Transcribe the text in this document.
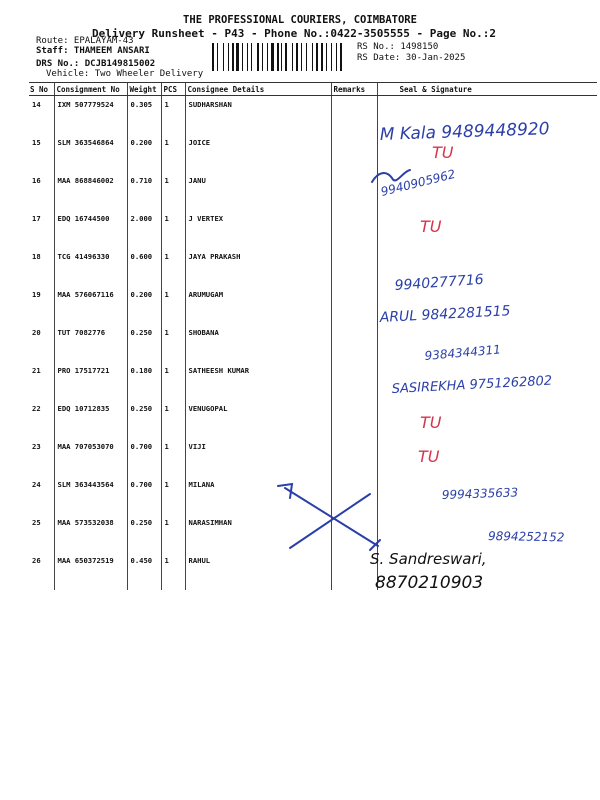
THE PROFESSIONAL COURIERS, COIMBATORE
Delivery Runsheet - P43 - Phone No.:0422-3505555 - Page No.:2
Route: EPALAYAM-43
Staff: THAMEEM ANSARI
DRS No.: DCJB149815002
Vehicle: Two Wheeler Delivery
RS No.: 1498150
RS Date: 30-Jan-2025
S No	Consignment No	Weight	PCS	Consignee Details	Remarks	Seal & Signature
14	IXM 507779524	0.305	1	SUDHARSHAN		
15	SLM 363546864	0.200	1	JOICE		
16	MAA 868846002	0.710	1	JANU		
17	EDQ 16744500	2.000	1	J VERTEX		
18	TCG 41496330	0.600	1	JAYA PRAKASH		
19	MAA 576067116	0.200	1	ARUMUGAM		
20	TUT 7082776	0.250	1	SHOBANA		
21	PRO 17517721	0.180	1	SATHEESH KUMAR		
22	EDQ 10712835	0.250	1	VENUGOPAL		
23	MAA 707053070	0.700	1	VIJI		
24	SLM 363443564	0.700	1	MILANA		
25	MAA 573532038	0.250	1	NARASIMHAN		
26	MAA 650372519	0.450	1	RAHUL		
M Kala 9489448920
9940905962
9940277716
ARUL 9842281515
9384344311
SASIREKHA 9751262802
9994335633
9894252152
S. Sandreswari,
8870210903
TU
TU
TU
TU
